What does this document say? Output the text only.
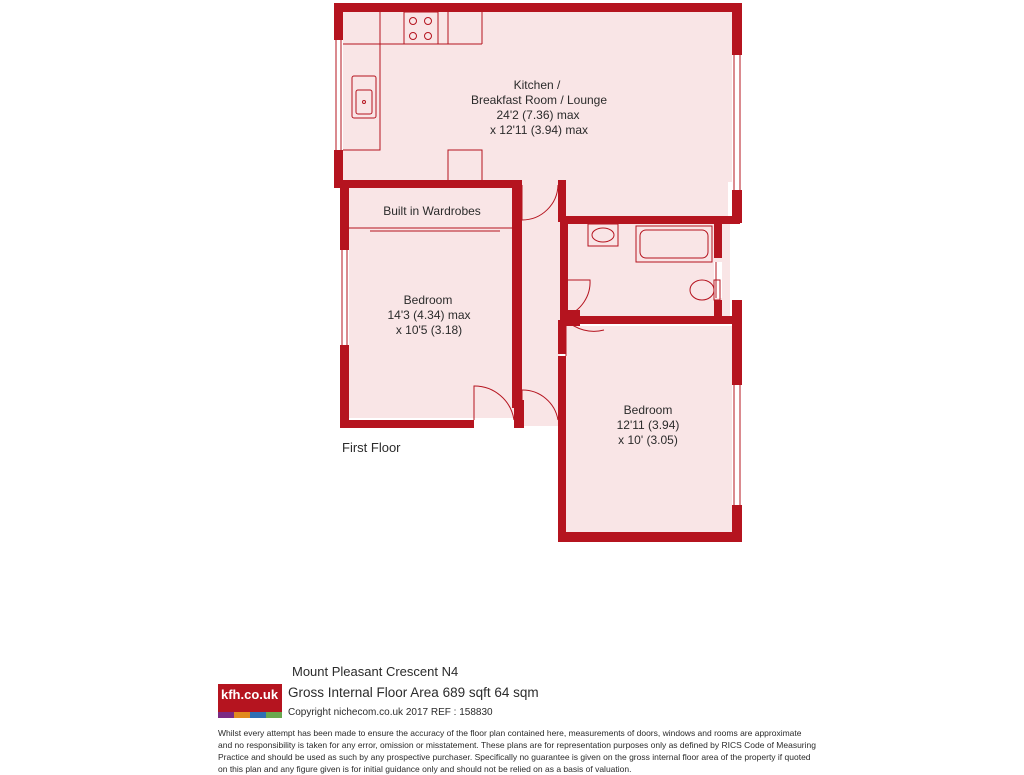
Kitchen /
Breakfast Room / Lounge
24'2 (7.36) max
x 12'11 (3.94) max
Built in Wardrobes
Bedroom
14'3 (4.34) max
x 10'5 (3.18)
Bedroom
12'11 (3.94)
x 10' (3.05)
First Floor
Mount Pleasant Crescent N4
kfh.co.uk Gross Internal Floor Area 689 sqft 64 sqm
Copyright nichecom.co.uk 2017 REF : 158830
Whilst every attempt has been made to ensure the accuracy of the floor plan contained here, measurements of doors, windows and rooms are approximate and no responsibility is taken for any error, omission or misstatement. These plans are for representation purposes only as defined by RICS Code of Measuring Practice and should be used as such by any prospective purchaser. Specifically no guarantee is given on the gross internal floor area of the property if quoted on this plan and any figure given is for initial guidance only and should not be relied on as a basis of valuation.
